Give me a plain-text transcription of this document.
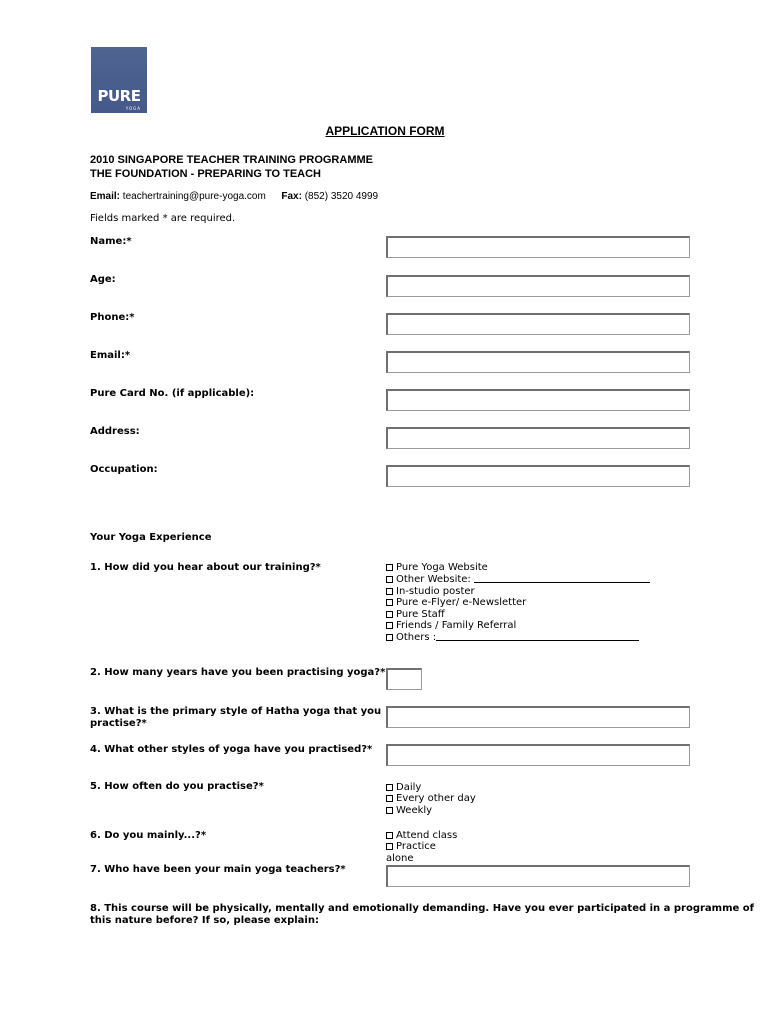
PURE
YOGA
APPLICATION FORM
2010 SINGAPORE TEACHER TRAINING PROGRAMME
THE FOUNDATION - PREPARING TO TEACH
Email: teachertraining@pure-yoga.com Fax: (852) 3520 4999
Fields marked * are required.
Name:*
Age:
Phone:*
Email:*
Pure Card No. (if applicable):
Address:
Occupation:
Your Yoga Experience
1. How did you hear about our training?*	Pure Yoga Website
Other Website:
In-studio poster
Pure e-Flyer/ e-Newsletter
Pure Staff
Friends / Family Referral
Others :
2. How many years have you been practising yoga?*
3. What is the primary style of Hatha yoga that you
practise?*
4. What other styles of yoga have you practised?*
5. How often do you practise?*	Daily
Every other day
Weekly
6. Do you mainly...?*	Attend class
Practice
alone
7. Who have been your main yoga teachers?*
8. This course will be physically, mentally and emotionally demanding. Have you ever participated in a programme of
this nature before? If so, please explain:
